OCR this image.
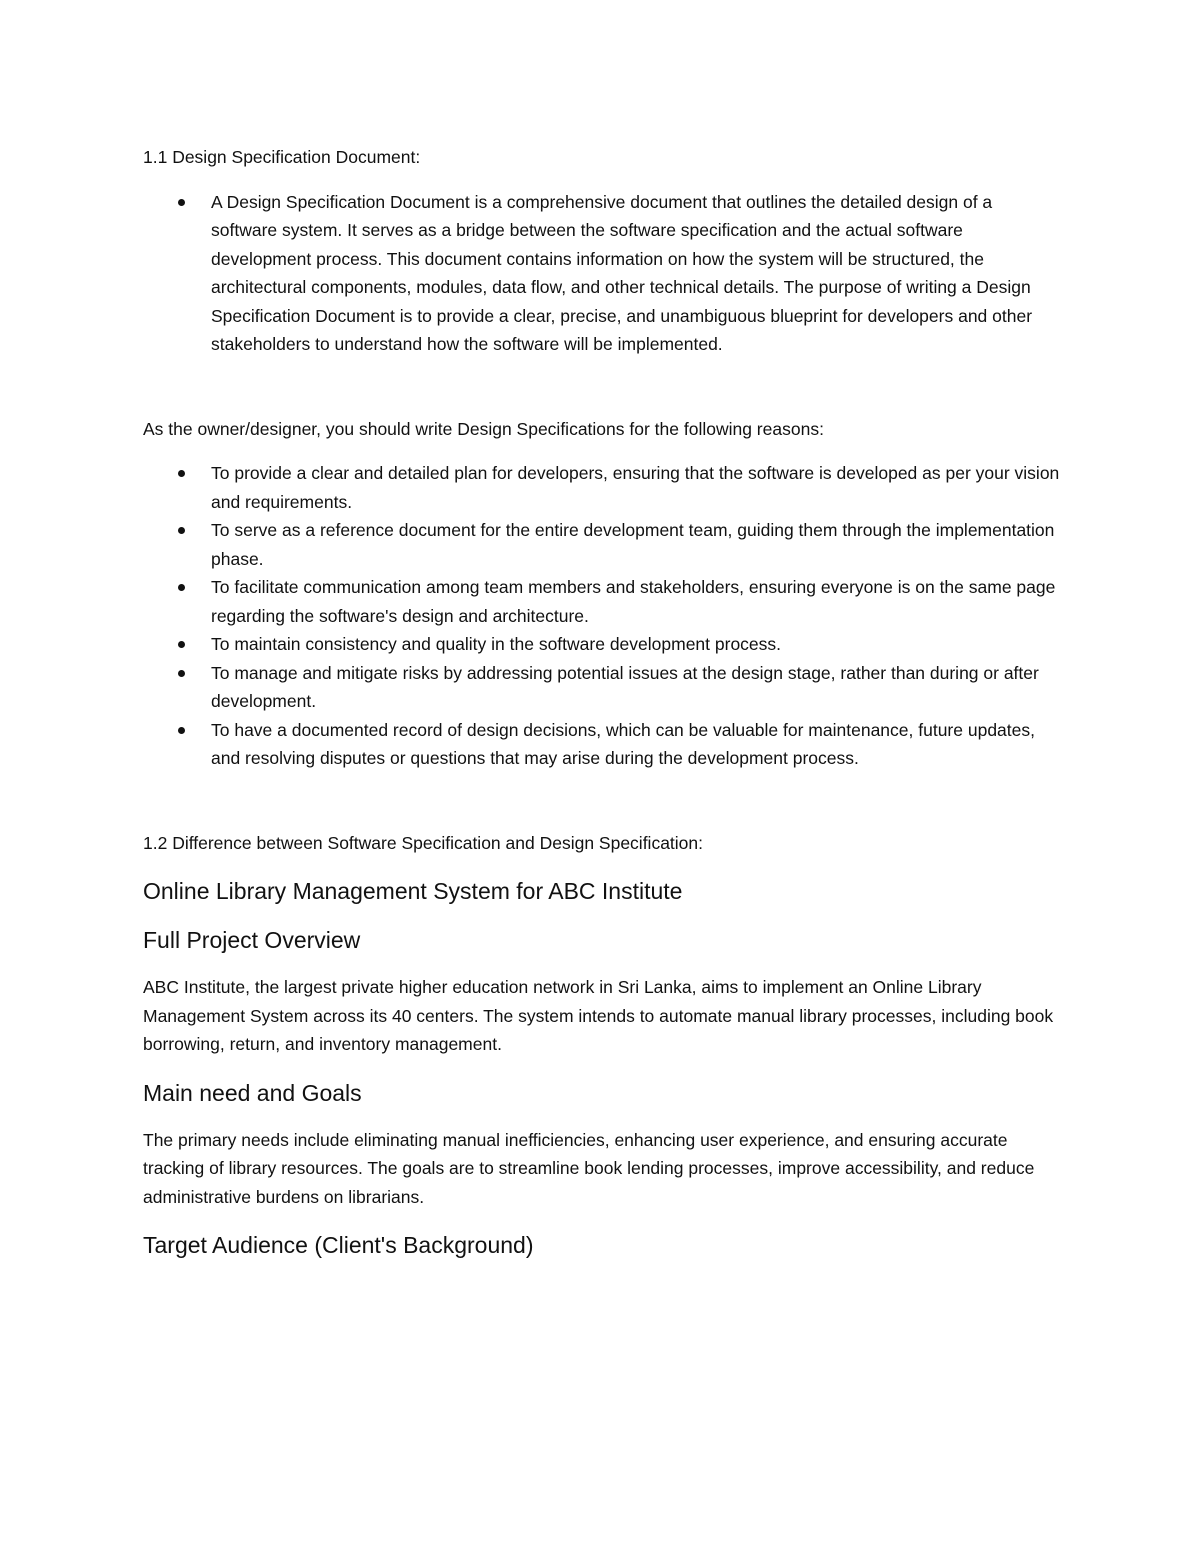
1.1 Design Specification Document:

A Design Specification Document is a comprehensive document that outlines the detailed design of a software system. It serves as a bridge between the software specification and the actual software development process. This document contains information on how the system will be structured, the architectural components, modules, data flow, and other technical details. The purpose of writing a Design Specification Document is to provide a clear, precise, and unambiguous blueprint for developers and other stakeholders to understand how the software will be implemented.

As the owner/designer, you should write Design Specifications for the following reasons:

To provide a clear and detailed plan for developers, ensuring that the software is developed as per your vision and requirements.
To serve as a reference document for the entire development team, guiding them through the implementation phase.
To facilitate communication among team members and stakeholders, ensuring everyone is on the same page regarding the software's design and architecture.
To maintain consistency and quality in the software development process.
To manage and mitigate risks by addressing potential issues at the design stage, rather than during or after development.
To have a documented record of design decisions, which can be valuable for maintenance, future updates, and resolving disputes or questions that may arise during the development process.

1.2 Difference between Software Specification and Design Specification:

Online Library Management System for ABC Institute
Full Project Overview

ABC Institute, the largest private higher education network in Sri Lanka, aims to implement an Online Library Management System across its 40 centers. The system intends to automate manual library processes, including book borrowing, return, and inventory management.

Main need and Goals

The primary needs include eliminating manual inefficiencies, enhancing user experience, and ensuring accurate tracking of library resources. The goals are to streamline book lending processes, improve accessibility, and reduce administrative burdens on librarians.

Target Audience (Client's Background)
